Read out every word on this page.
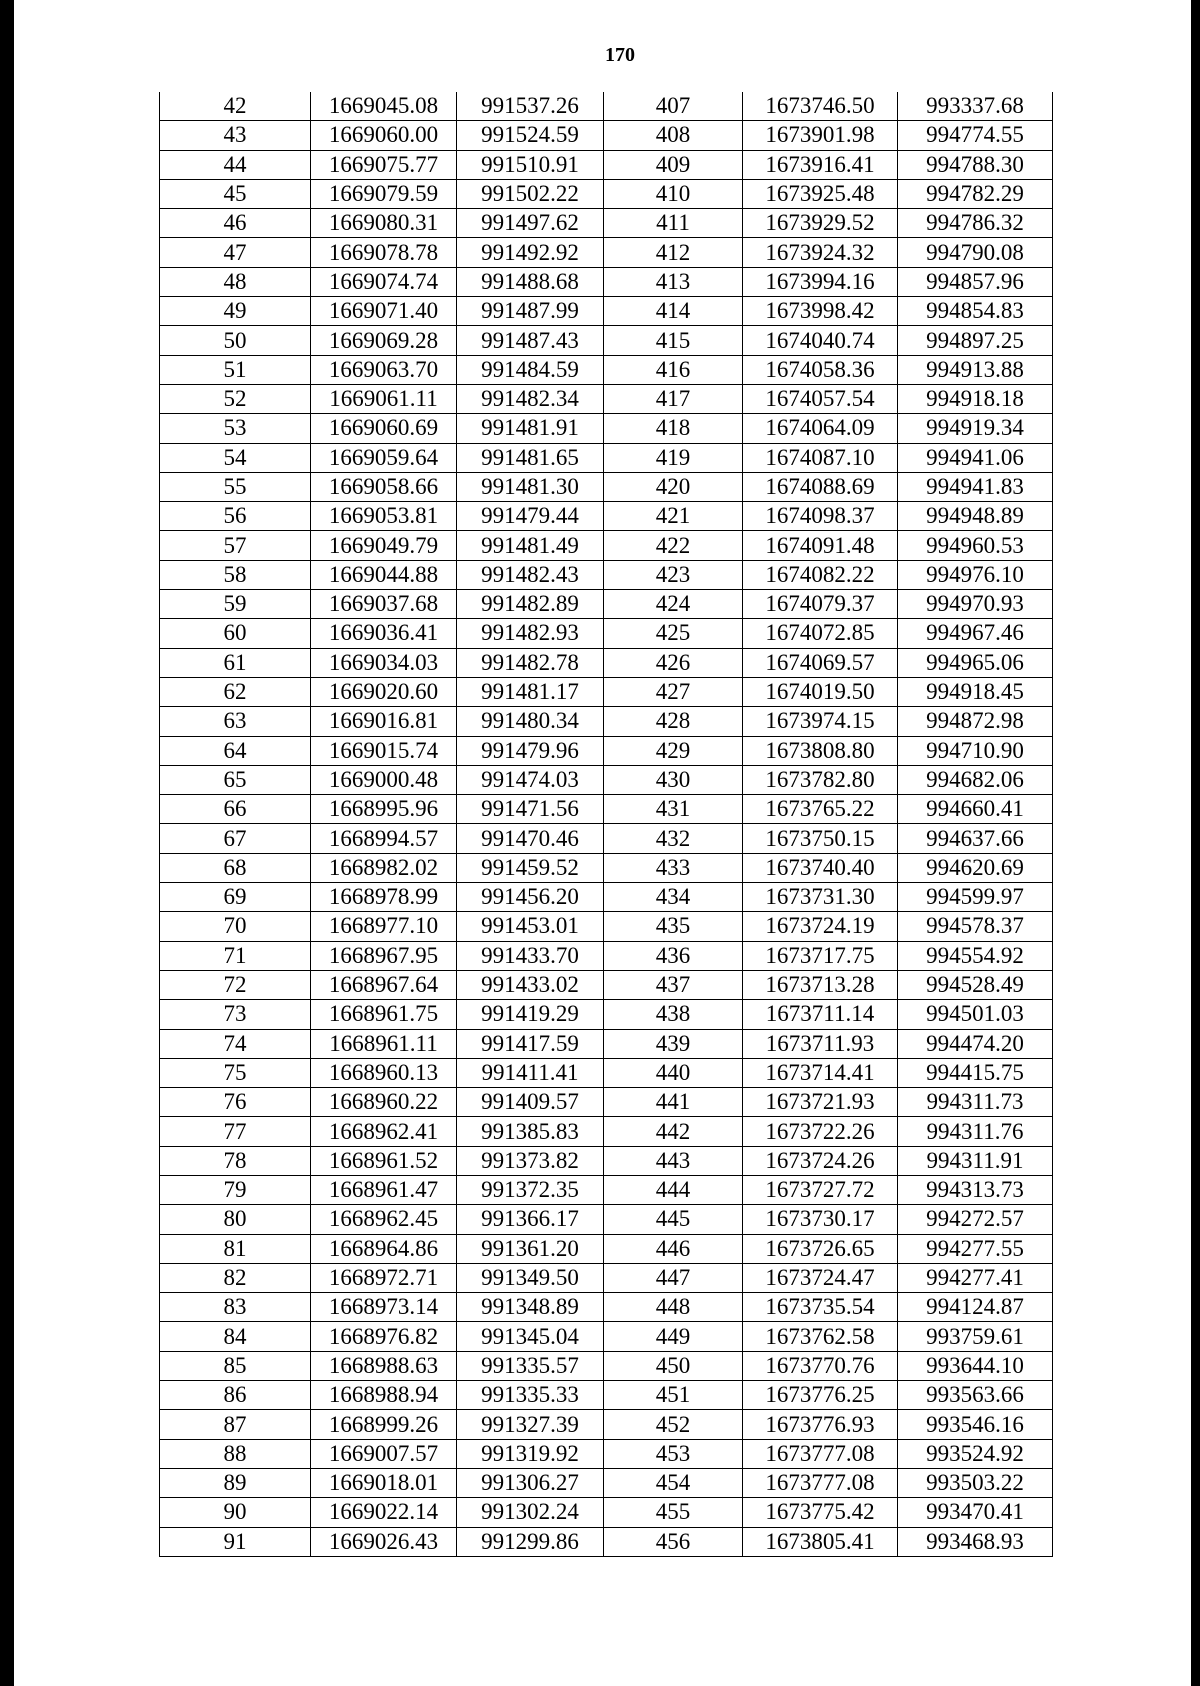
170
42	1669045.08	991537.26	407	1673746.50	993337.68
43	1669060.00	991524.59	408	1673901.98	994774.55
44	1669075.77	991510.91	409	1673916.41	994788.30
45	1669079.59	991502.22	410	1673925.48	994782.29
46	1669080.31	991497.62	411	1673929.52	994786.32
47	1669078.78	991492.92	412	1673924.32	994790.08
48	1669074.74	991488.68	413	1673994.16	994857.96
49	1669071.40	991487.99	414	1673998.42	994854.83
50	1669069.28	991487.43	415	1674040.74	994897.25
51	1669063.70	991484.59	416	1674058.36	994913.88
52	1669061.11	991482.34	417	1674057.54	994918.18
53	1669060.69	991481.91	418	1674064.09	994919.34
54	1669059.64	991481.65	419	1674087.10	994941.06
55	1669058.66	991481.30	420	1674088.69	994941.83
56	1669053.81	991479.44	421	1674098.37	994948.89
57	1669049.79	991481.49	422	1674091.48	994960.53
58	1669044.88	991482.43	423	1674082.22	994976.10
59	1669037.68	991482.89	424	1674079.37	994970.93
60	1669036.41	991482.93	425	1674072.85	994967.46
61	1669034.03	991482.78	426	1674069.57	994965.06
62	1669020.60	991481.17	427	1674019.50	994918.45
63	1669016.81	991480.34	428	1673974.15	994872.98
64	1669015.74	991479.96	429	1673808.80	994710.90
65	1669000.48	991474.03	430	1673782.80	994682.06
66	1668995.96	991471.56	431	1673765.22	994660.41
67	1668994.57	991470.46	432	1673750.15	994637.66
68	1668982.02	991459.52	433	1673740.40	994620.69
69	1668978.99	991456.20	434	1673731.30	994599.97
70	1668977.10	991453.01	435	1673724.19	994578.37
71	1668967.95	991433.70	436	1673717.75	994554.92
72	1668967.64	991433.02	437	1673713.28	994528.49
73	1668961.75	991419.29	438	1673711.14	994501.03
74	1668961.11	991417.59	439	1673711.93	994474.20
75	1668960.13	991411.41	440	1673714.41	994415.75
76	1668960.22	991409.57	441	1673721.93	994311.73
77	1668962.41	991385.83	442	1673722.26	994311.76
78	1668961.52	991373.82	443	1673724.26	994311.91
79	1668961.47	991372.35	444	1673727.72	994313.73
80	1668962.45	991366.17	445	1673730.17	994272.57
81	1668964.86	991361.20	446	1673726.65	994277.55
82	1668972.71	991349.50	447	1673724.47	994277.41
83	1668973.14	991348.89	448	1673735.54	994124.87
84	1668976.82	991345.04	449	1673762.58	993759.61
85	1668988.63	991335.57	450	1673770.76	993644.10
86	1668988.94	991335.33	451	1673776.25	993563.66
87	1668999.26	991327.39	452	1673776.93	993546.16
88	1669007.57	991319.92	453	1673777.08	993524.92
89	1669018.01	991306.27	454	1673777.08	993503.22
90	1669022.14	991302.24	455	1673775.42	993470.41
91	1669026.43	991299.86	456	1673805.41	993468.93
